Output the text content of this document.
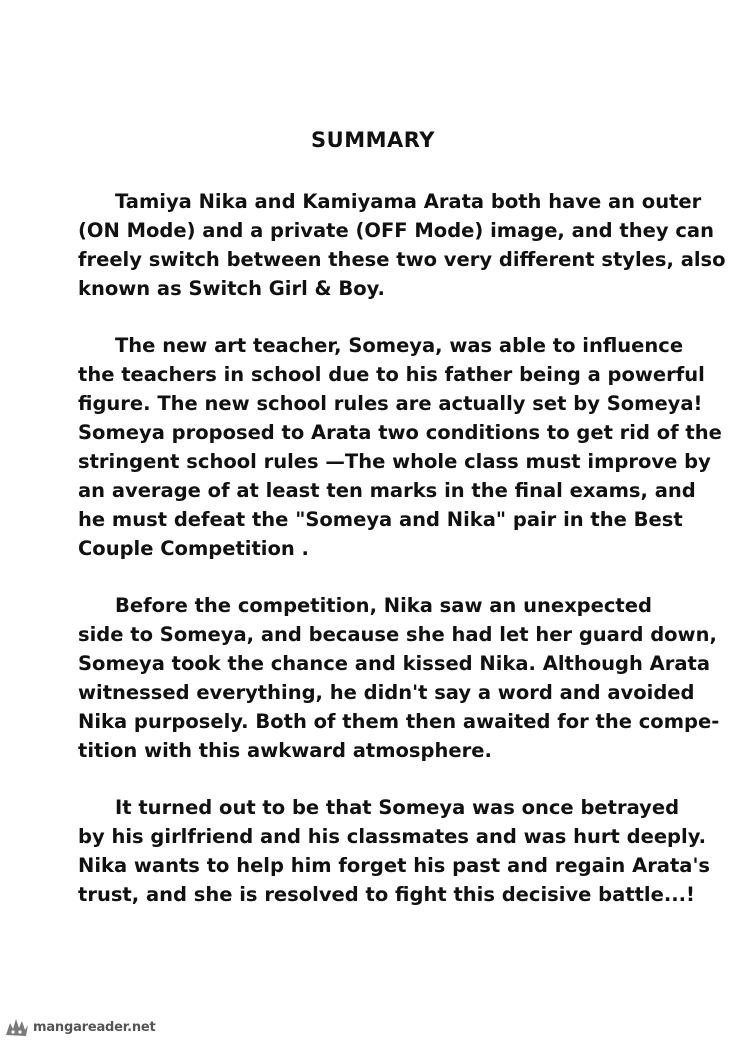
SUMMARY

Tamiya Nika and Kamiyama Arata both have an outer
(ON Mode) and a private (OFF Mode) image, and they can
freely switch between these two very different styles, also
known as Switch Girl & Boy.

The new art teacher, Someya, was able to influence
the teachers in school due to his father being a powerful
figure. The new school rules are actually set by Someya!
Someya proposed to Arata two conditions to get rid of the
stringent school rules —The whole class must improve by
an average of at least ten marks in the final exams, and
he must defeat the "Someya and Nika" pair in the Best
Couple Competition .

Before the competition, Nika saw an unexpected
side to Someya, and because she had let her guard down,
Someya took the chance and kissed Nika. Although Arata
witnessed everything, he didn't say a word and avoided
Nika purposely. Both of them then awaited for the compe-
tition with this awkward atmosphere.

It turned out to be that Someya was once betrayed
by his girlfriend and his classmates and was hurt deeply.
Nika wants to help him forget his past and regain Arata's
trust, and she is resolved to fight this decisive battle...!

mangareader.net
